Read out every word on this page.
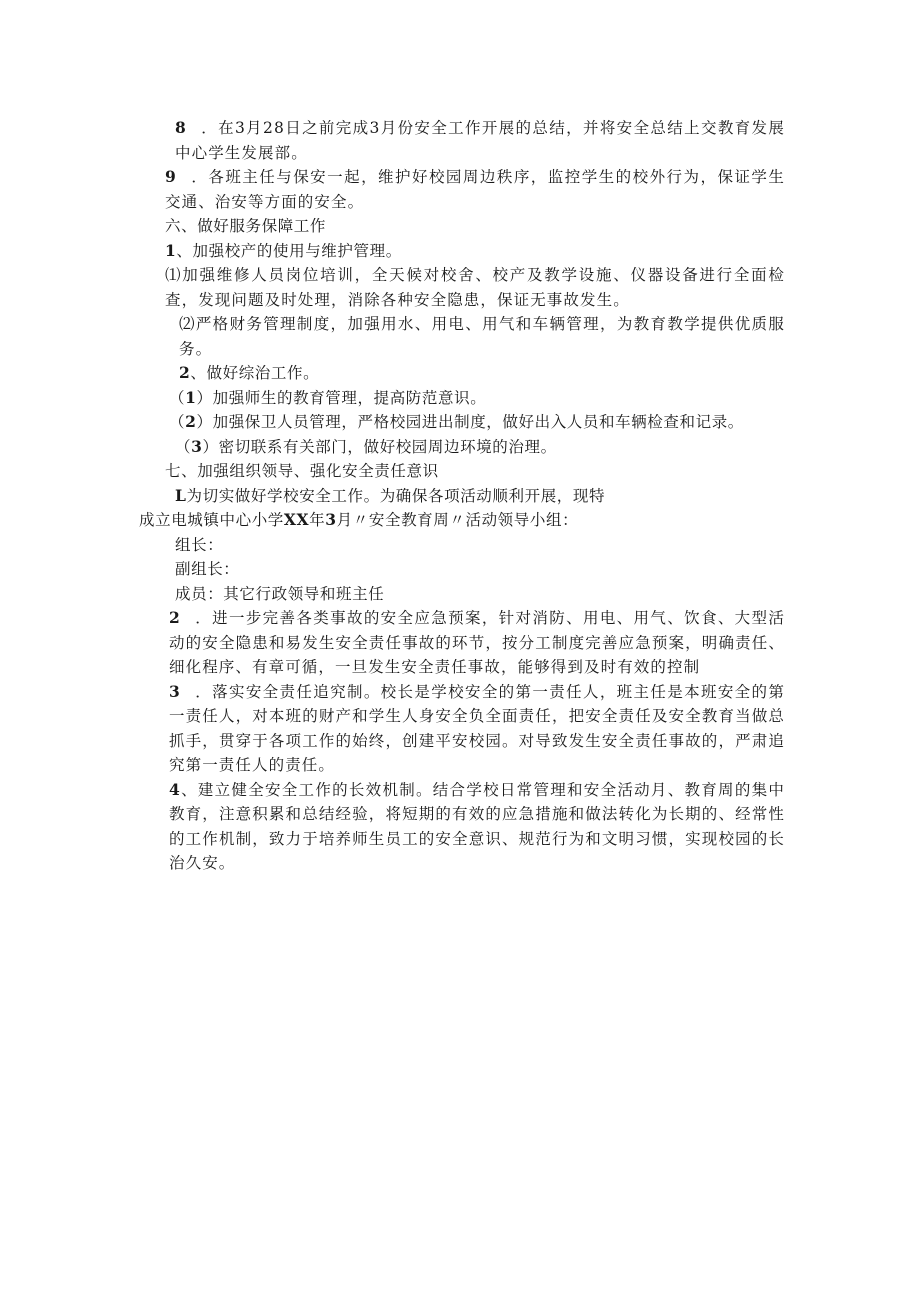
8 ．在3月28日之前完成3月份安全工作开展的总结，并将安全总结上交教育发展中心学生发展部。
9 ．各班主任与保安一起，维护好校园周边秩序，监控学生的校外行为，保证学生交通、治安等方面的安全。
六、做好服务保障工作
1、加强校产的使用与维护管理。
⑴加强维修人员岗位培训，全天候对校舍、校产及教学设施、仪器设备进行全面检查，发现问题及时处理，消除各种安全隐患，保证无事故发生。
⑵严格财务管理制度，加强用水、用电、用气和车辆管理，为教育教学提供优质服务。
2、做好综治工作。
（1）加强师生的教育管理，提高防范意识。
（2）加强保卫人员管理，严格校园进出制度，做好出入人员和车辆检查和记录。
（3）密切联系有关部门，做好校园周边环境的治理。
七、加强组织领导、强化安全责任意识
L为切实做好学校安全工作。为确保各项活动顺利开展，现特
成立电城镇中心小学XX年3月〃安全教育周〃活动领导小组：
组长：
副组长：
成员：其它行政领导和班主任
2 ．进一步完善各类事故的安全应急预案，针对消防、用电、用气、饮食、大型活动的安全隐患和易发生安全责任事故的环节，按分工制度完善应急预案，明确责任、细化程序、有章可循，一旦发生安全责任事故，能够得到及时有效的控制
3 ．落实安全责任追究制。校长是学校安全的第一责任人，班主任是本班安全的第一责任人，对本班的财产和学生人身安全负全面责任，把安全责任及安全教育当做总抓手，贯穿于各项工作的始终，创建平安校园。对导致发生安全责任事故的，严肃追究第一责任人的责任。
4、建立健全安全工作的长效机制。结合学校日常管理和安全活动月、教育周的集中教育，注意积累和总结经验，将短期的有效的应急措施和做法转化为长期的、经常性的工作机制，致力于培养师生员工的安全意识、规范行为和文明习惯，实现校园的长治久安。
